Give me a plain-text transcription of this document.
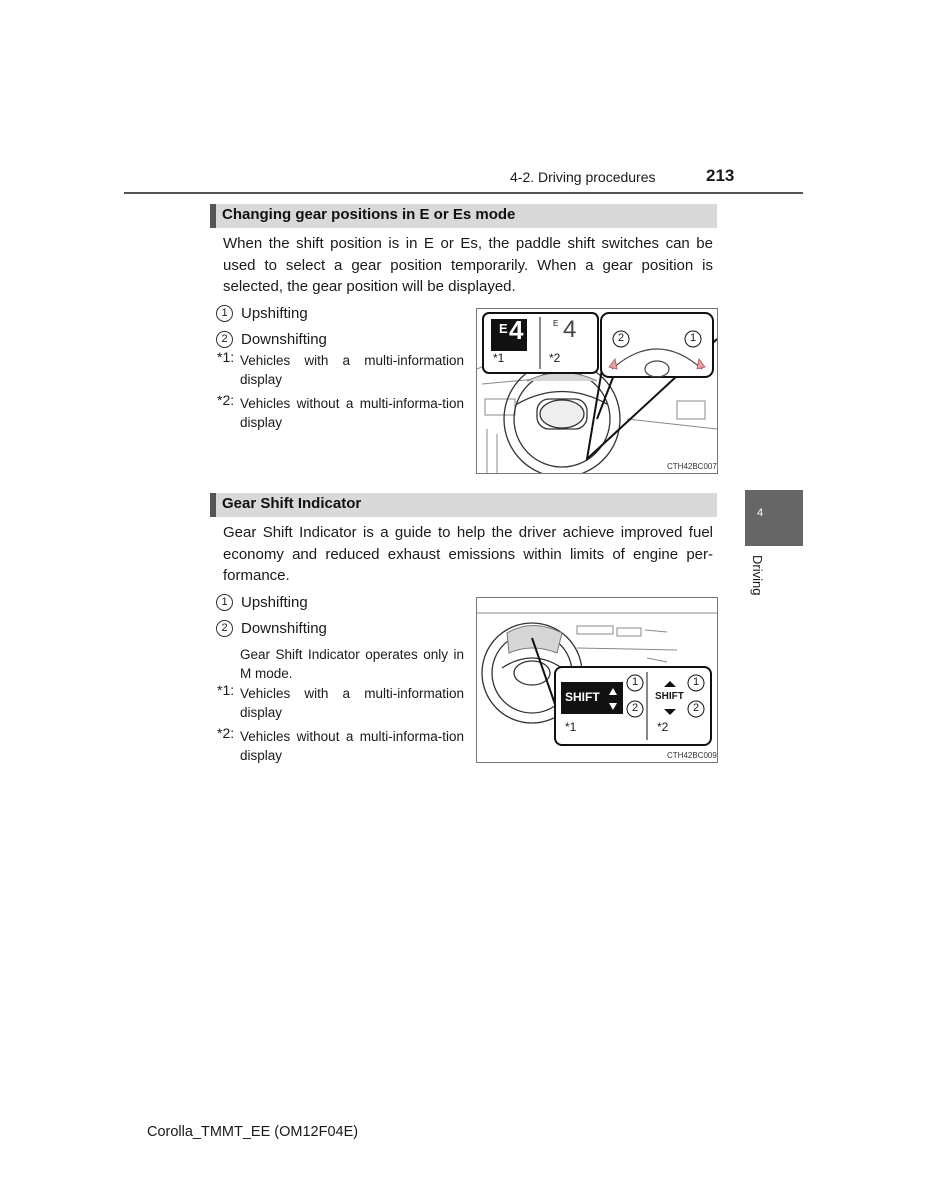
4-2. Driving procedures	213
Changing gear positions in E or Es mode
When the shift position is in E or Es, the paddle shift switches can be used to select a gear position temporarily. When a gear position is selected, the gear position will be displayed.
1 Upshifting
2 Downshifting
*1: Vehicles with a multi-information display
*2: Vehicles without a multi-informa-tion display
E 4
*1
E 4
*2
2	1
CTH42BC007
Gear Shift Indicator
Gear Shift Indicator is a guide to help the driver achieve improved fuel economy and reduced exhaust emissions within limits of engine per-formance.
1 Upshifting
2 Downshifting
Gear Shift Indicator operates only in M mode.
*1: Vehicles with a multi-information display
*2: Vehicles without a multi-informa-tion display
SHIFT
*1
1
2
SHIFT
*2
1
2
CTH42BC009
4
Driving
Corolla_TMMT_EE (OM12F04E)
